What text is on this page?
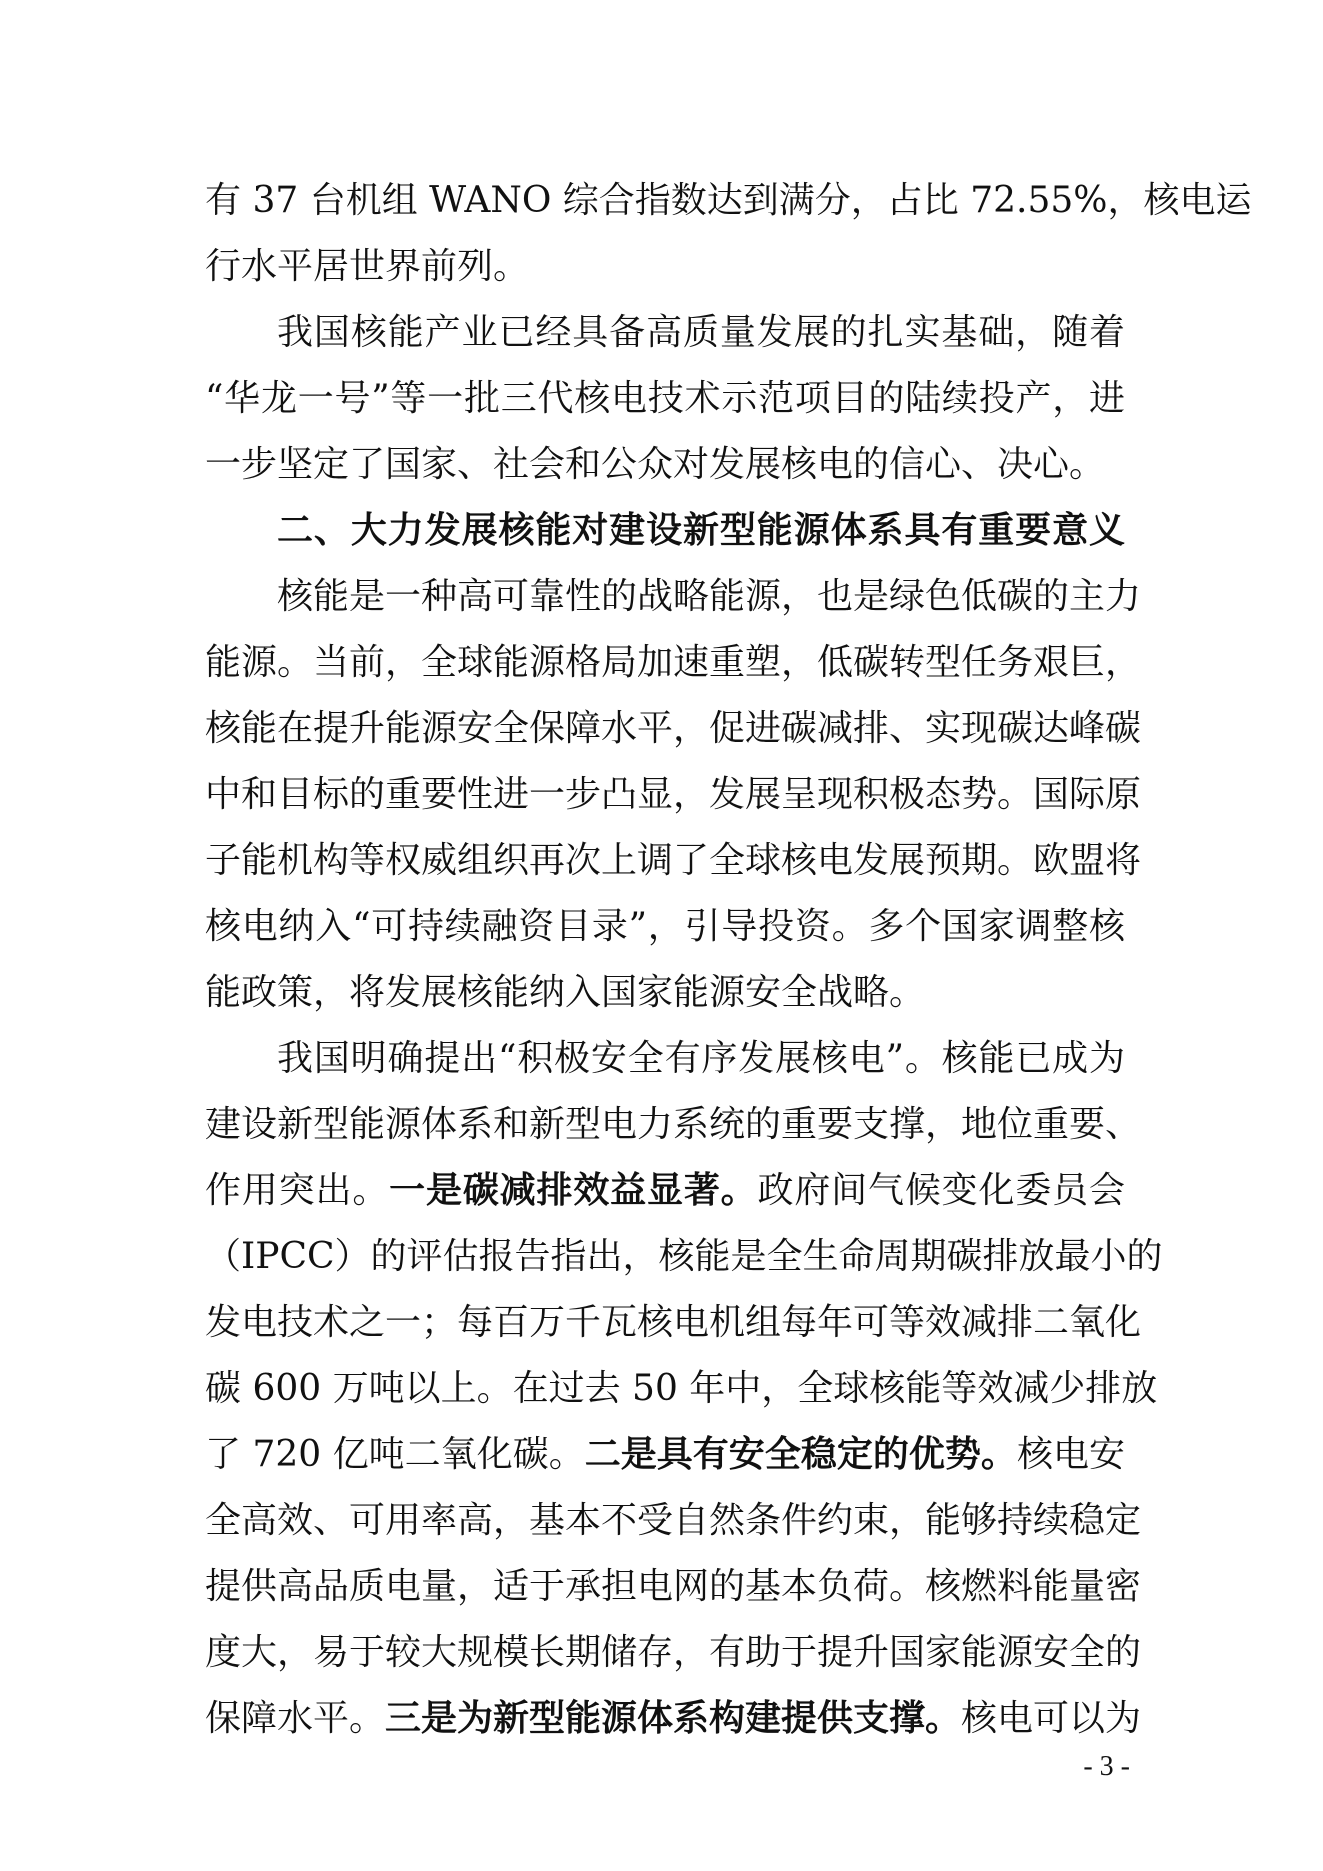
有 37 台机组 WANO 综合指数达到满分，占比 72.55%，核电运
行水平居世界前列。
我国核能产业已经具备高质量发展的扎实基础，随着
“华龙一号”等一批三代核电技术示范项目的陆续投产，进
一步坚定了国家、社会和公众对发展核电的信心、决心。
二、大力发展核能对建设新型能源体系具有重要意义
核能是一种高可靠性的战略能源，也是绿色低碳的主力
能源。当前，全球能源格局加速重塑，低碳转型任务艰巨，
核能在提升能源安全保障水平，促进碳减排、实现碳达峰碳
中和目标的重要性进一步凸显，发展呈现积极态势。国际原
子能机构等权威组织再次上调了全球核电发展预期。欧盟将
核电纳入“可持续融资目录”，引导投资。多个国家调整核
能政策，将发展核能纳入国家能源安全战略。
我国明确提出“积极安全有序发展核电”。核能已成为
建设新型能源体系和新型电力系统的重要支撑，地位重要、
作用突出。一是碳减排效益显著。政府间气候变化委员会
（IPCC）的评估报告指出，核能是全生命周期碳排放最小的
发电技术之一；每百万千瓦核电机组每年可等效减排二氧化
碳 600 万吨以上。在过去 50 年中，全球核能等效减少排放
了 720 亿吨二氧化碳。二是具有安全稳定的优势。核电安
全高效、可用率高，基本不受自然条件约束，能够持续稳定
提供高品质电量，适于承担电网的基本负荷。核燃料能量密
度大，易于较大规模长期储存，有助于提升国家能源安全的
保障水平。三是为新型能源体系构建提供支撑。核电可以为
- 3 -
